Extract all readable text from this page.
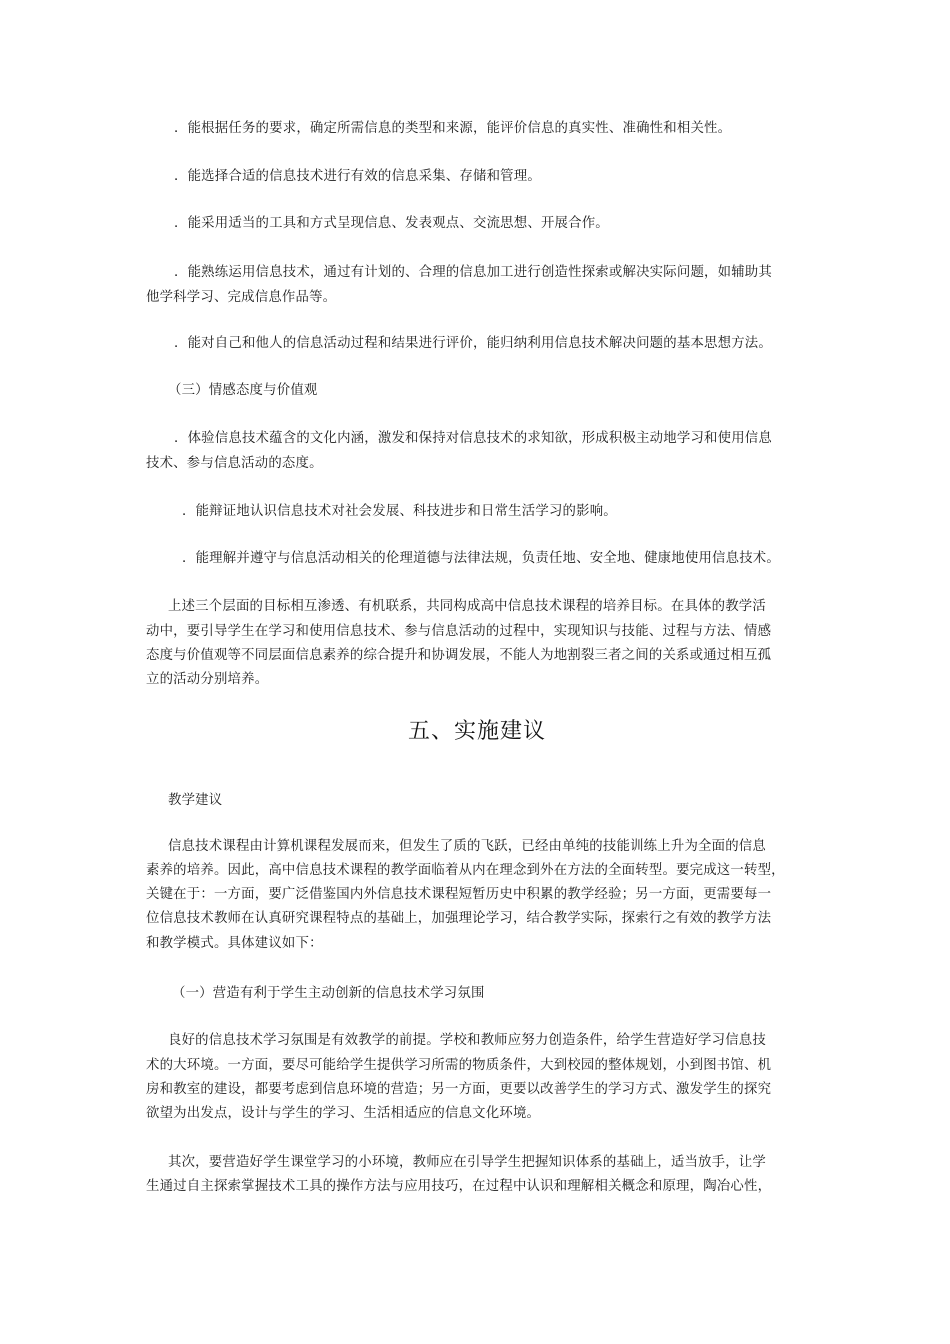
．能根据任务的要求，确定所需信息的类型和来源，能评价信息的真实性、准确性和相关性。
．能选择合适的信息技术进行有效的信息采集、存储和管理。
．能采用适当的工具和方式呈现信息、发表观点、交流思想、开展合作。
．能熟练运用信息技术，通过有计划的、合理的信息加工进行创造性探索或解决实际问题，如辅助其
他学科学习、完成信息作品等。
．能对自己和他人的信息活动过程和结果进行评价，能归纳利用信息技术解决问题的基本思想方法。
（三）情感态度与价值观
．体验信息技术蕴含的文化内涵，激发和保持对信息技术的求知欲，形成积极主动地学习和使用信息
技术、参与信息活动的态度。
．能辩证地认识信息技术对社会发展、科技进步和日常生活学习的影响。
．能理解并遵守与信息活动相关的伦理道德与法律法规，负责任地、安全地、健康地使用信息技术。
上述三个层面的目标相互渗透、有机联系，共同构成高中信息技术课程的培养目标。在具体的教学活
动中，要引导学生在学习和使用信息技术、参与信息活动的过程中，实现知识与技能、过程与方法、情感
态度与价值观等不同层面信息素养的综合提升和协调发展，不能人为地割裂三者之间的关系或通过相互孤
立的活动分别培养。
五、实施建议
教学建议
信息技术课程由计算机课程发展而来，但发生了质的飞跃，已经由单纯的技能训练上升为全面的信息
素养的培养。因此，高中信息技术课程的教学面临着从内在理念到外在方法的全面转型。要完成这一转型，
关键在于：一方面，要广泛借鉴国内外信息技术课程短暂历史中积累的教学经验；另一方面，更需要每一
位信息技术教师在认真研究课程特点的基础上，加强理论学习，结合教学实际，探索行之有效的教学方法
和教学模式。具体建议如下：
（一）营造有利于学生主动创新的信息技术学习氛围
良好的信息技术学习氛围是有效教学的前提。学校和教师应努力创造条件，给学生营造好学习信息技
术的大环境。一方面，要尽可能给学生提供学习所需的物质条件，大到校园的整体规划，小到图书馆、机
房和教室的建设，都要考虑到信息环境的营造；另一方面，更要以改善学生的学习方式、激发学生的探究
欲望为出发点，设计与学生的学习、生活相适应的信息文化环境。
其次，要营造好学生课堂学习的小环境，教师应在引导学生把握知识体系的基础上，适当放手，让学
生通过自主探索掌握技术工具的操作方法与应用技巧，在过程中认识和理解相关概念和原理，陶冶心性，
